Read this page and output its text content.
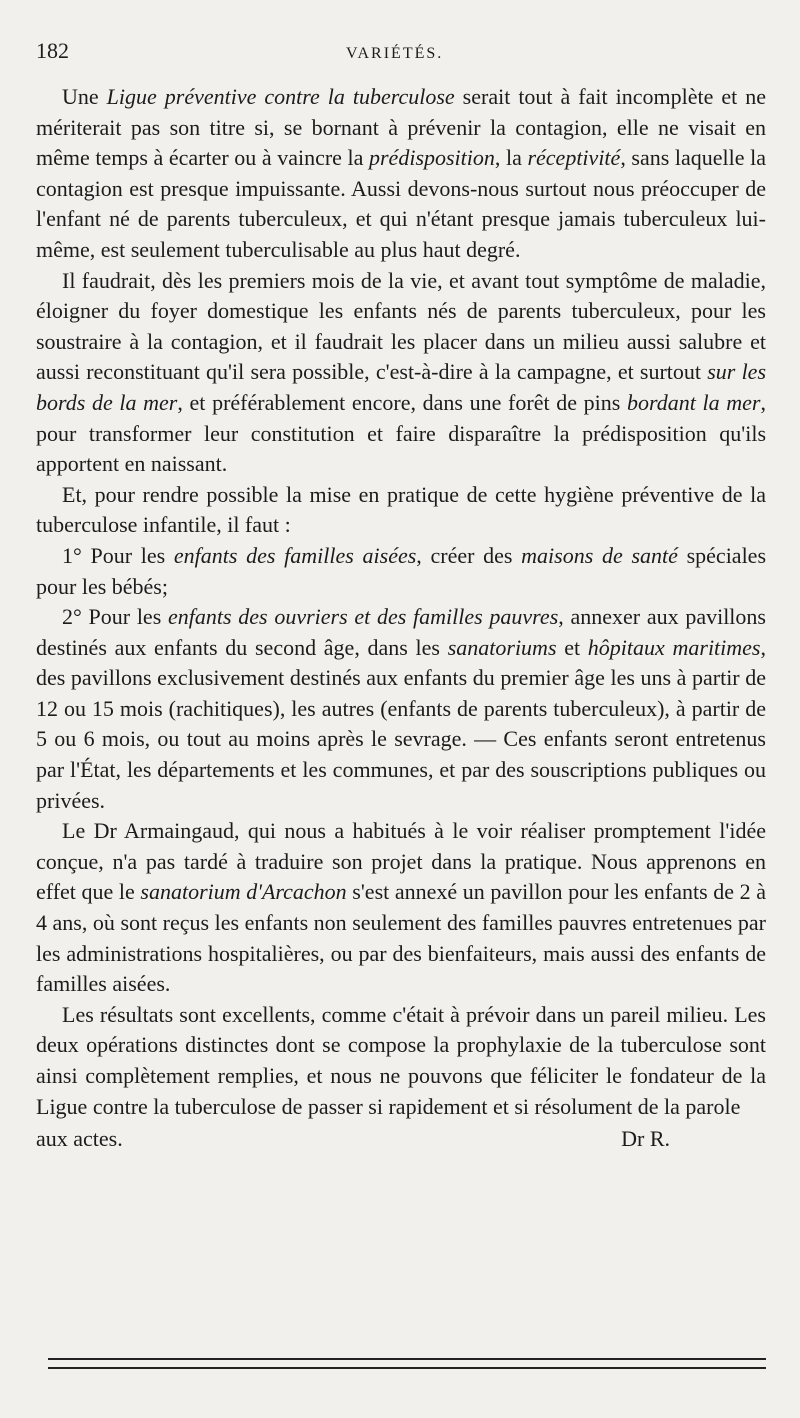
182	VARIÉTÉS.

Une Ligue préventive contre la tuberculose serait tout à fait incomplète et ne mériterait pas son titre si, se bornant à prévenir la contagion, elle ne visait en même temps à écarter ou à vaincre la prédisposition, la réceptivité, sans laquelle la contagion est presque impuissante. Aussi devons-nous surtout nous préoccuper de l'enfant né de parents tuberculeux, et qui n'étant presque jamais tuberculeux lui-même, est seulement tuberculisable au plus haut degré.

Il faudrait, dès les premiers mois de la vie, et avant tout symptôme de maladie, éloigner du foyer domestique les enfants nés de parents tuberculeux, pour les soustraire à la contagion, et il faudrait les placer dans un milieu aussi salubre et aussi reconstituant qu'il sera possible, c'est-à-dire à la campagne, et surtout sur les bords de la mer, et préférablement encore, dans une forêt de pins bordant la mer, pour transformer leur constitution et faire disparaître la prédisposition qu'ils apportent en naissant.

Et, pour rendre possible la mise en pratique de cette hygiène préventive de la tuberculose infantile, il faut :

1° Pour les enfants des familles aisées, créer des maisons de santé spéciales pour les bébés;

2° Pour les enfants des ouvriers et des familles pauvres, annexer aux pavillons destinés aux enfants du second âge, dans les sanatoriums et hôpitaux maritimes, des pavillons exclusivement destinés aux enfants du premier âge les uns à partir de 12 ou 15 mois (rachitiques), les autres (enfants de parents tuberculeux), à partir de 5 ou 6 mois, ou tout au moins après le sevrage. — Ces enfants seront entretenus par l'État, les départements et les communes, et par des souscriptions publiques ou privées.

Le Dr Armaingaud, qui nous a habitués à le voir réaliser promptement l'idée conçue, n'a pas tardé à traduire son projet dans la pratique. Nous apprenons en effet que le sanatorium d'Arcachon s'est annexé un pavillon pour les enfants de 2 à 4 ans, où sont reçus les enfants non seulement des familles pauvres entretenues par les administrations hospitalières, ou par des bienfaiteurs, mais aussi des enfants de familles aisées.

Les résultats sont excellents, comme c'était à prévoir dans un pareil milieu. Les deux opérations distinctes dont se compose la prophylaxie de la tuberculose sont ainsi complètement remplies, et nous ne pouvons que féliciter le fondateur de la Ligue contre la tuberculose de passer si rapidement et si résolument de la parole

aux actes.	Dr R.
